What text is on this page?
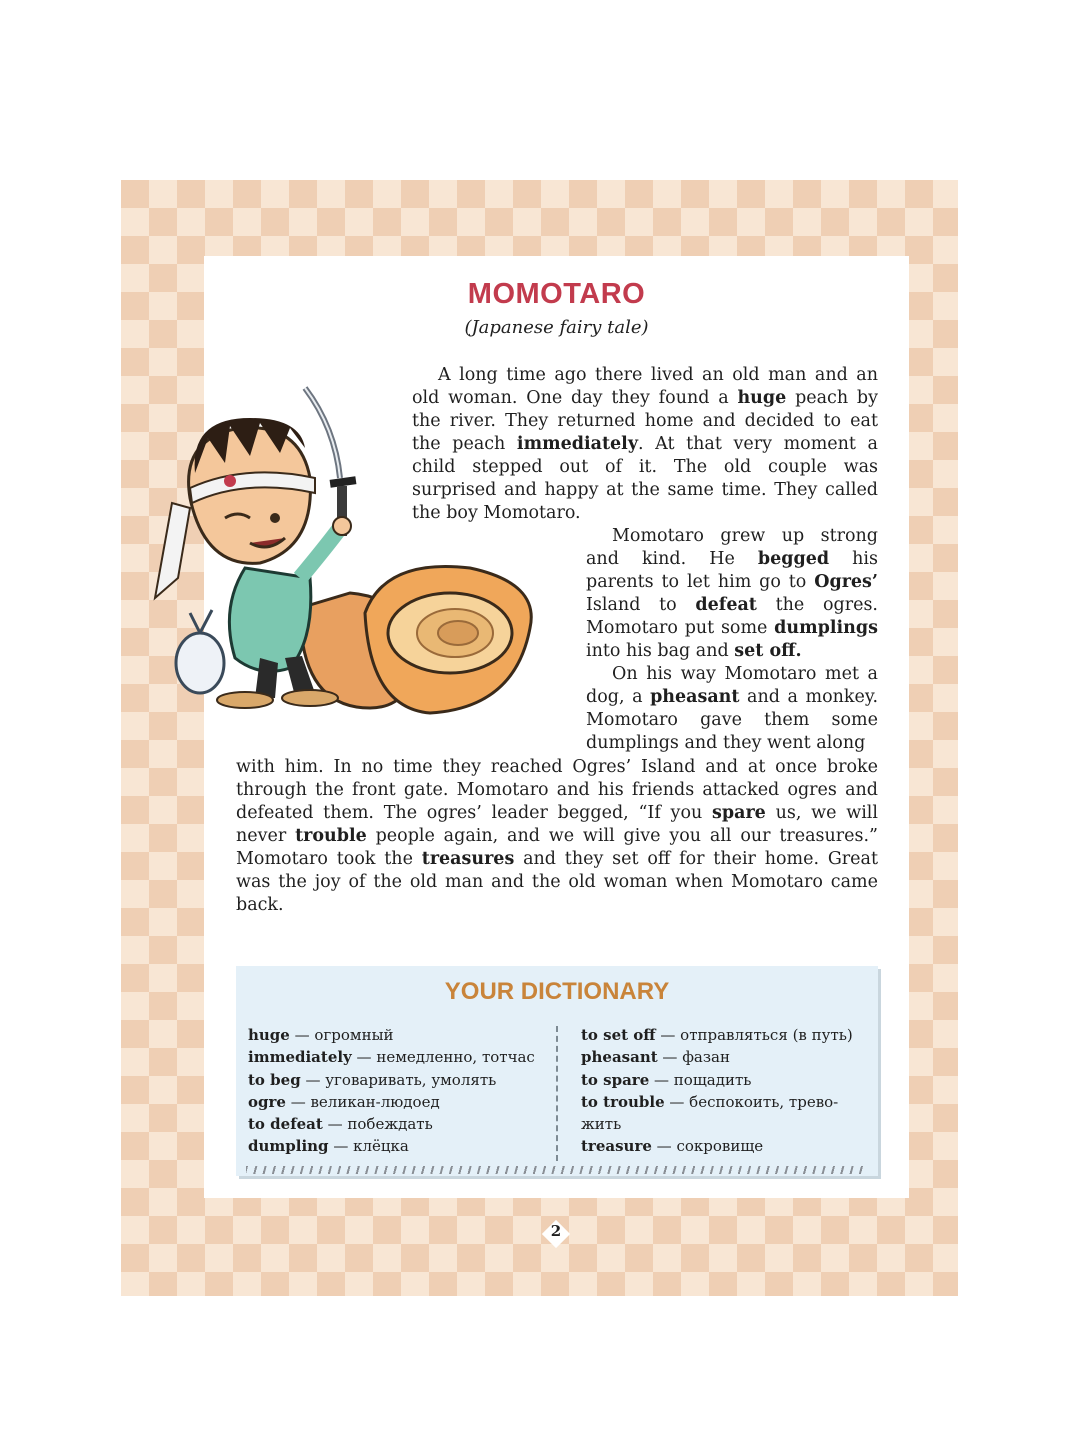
MOMOTARO

(Japanese fairy tale)

A long time ago there lived an old man and an old woman. One day they found a huge peach by the river. They returned home and decided to eat the peach immediately. At that very moment a child stepped out of it. The old couple was surprised and happy at the same time. They called the boy Momotaro.

Momotaro grew up strong and kind. He begged his parents to let him go to Ogres’ Island to defeat the ogres. Momotaro put some dumplings into his bag and set off.

On his way Momotaro met a dog, a pheasant and a monkey. Momotaro gave them some dumplings and they went along

with him. In no time they reached Ogres’ Island and at once broke through the front gate. Momotaro and his friends attacked ogres and defeated them. The ogres’ leader begged, “If you spare us, we will never trouble people again, and we will give you all our treasures.” Momotaro took the treasures and they set off for their home. Great was the joy of the old man and the old woman when Momotaro came back.

YOUR DICTIONARY
huge — огромный
immediately — немедленно, тотчас
to beg — уговаривать, умолять
ogre — великан-людоед
to defeat — побеждать
dumpling — клёцка
to set off — отправляться (в путь)
pheasant — фазан
to spare — пощадить
to trouble — беспокоить, трево-жить
treasure — сокровище

2
